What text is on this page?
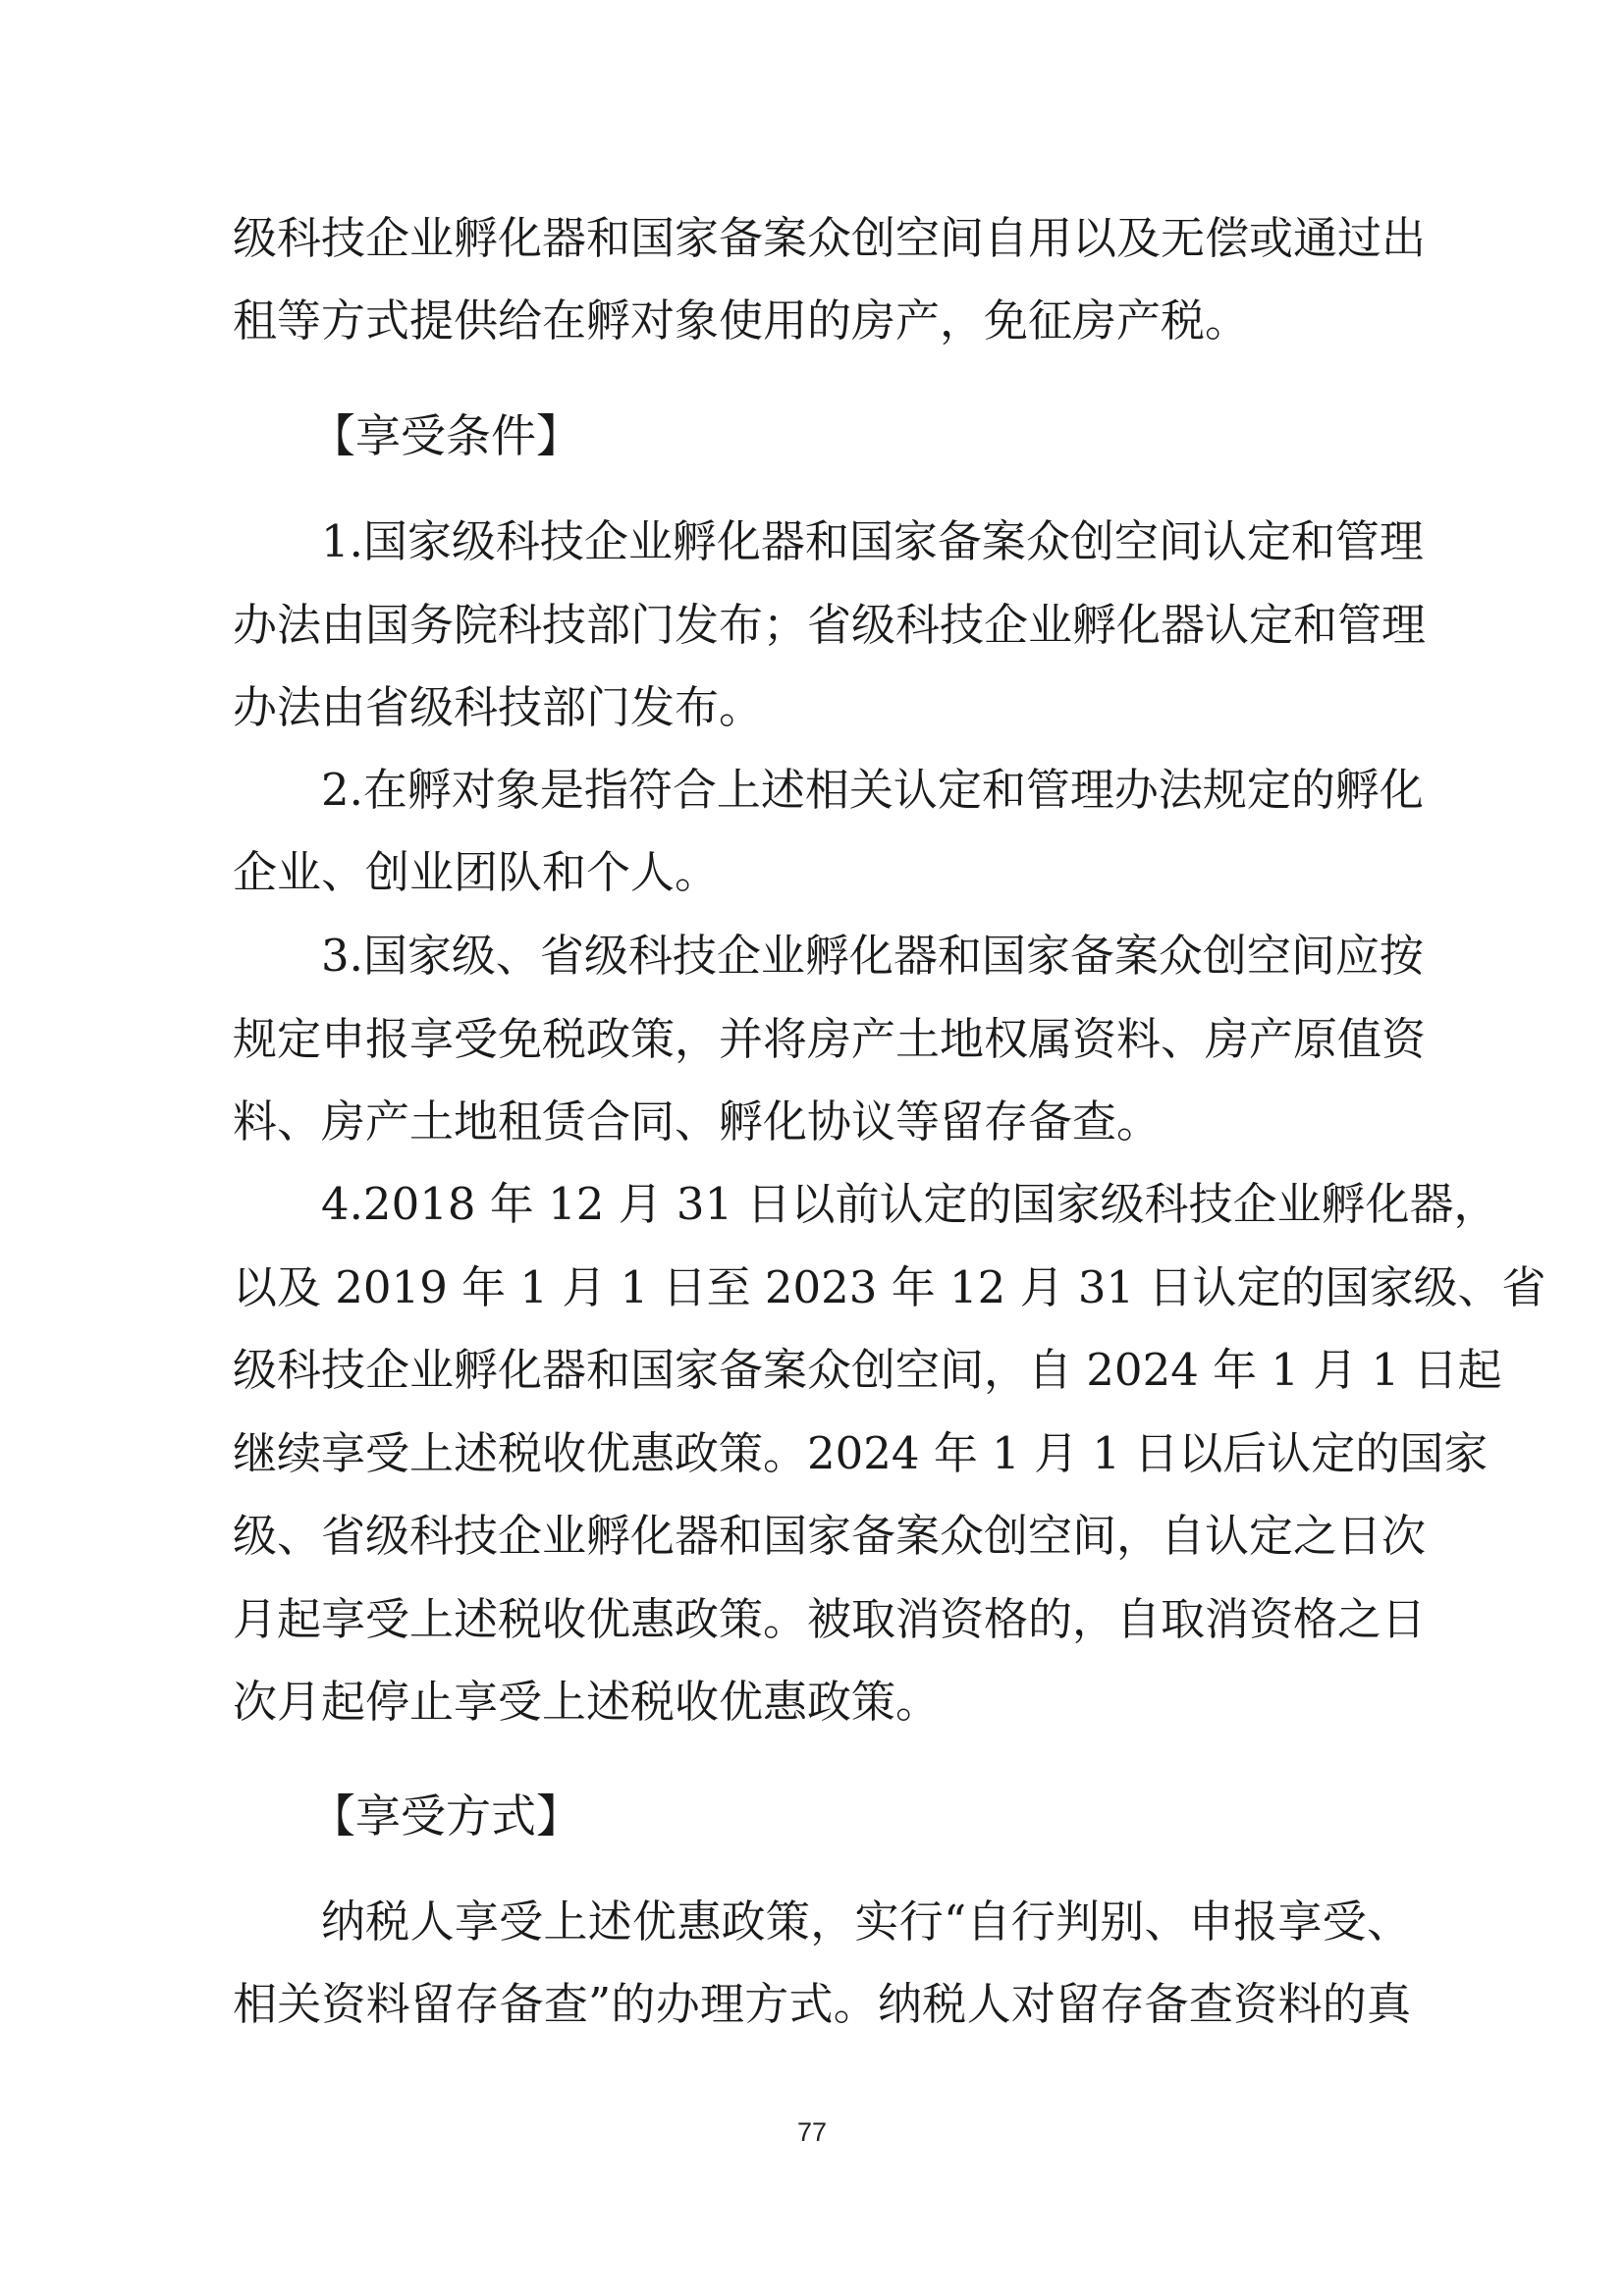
级科技企业孵化器和国家备案众创空间自用以及无偿或通过出
租等方式提供给在孵对象使用的房产，免征房产税。
【享受条件】
1.国家级科技企业孵化器和国家备案众创空间认定和管理
办法由国务院科技部门发布；省级科技企业孵化器认定和管理
办法由省级科技部门发布。
2.在孵对象是指符合上述相关认定和管理办法规定的孵化
企业、创业团队和个人。
3.国家级、省级科技企业孵化器和国家备案众创空间应按
规定申报享受免税政策，并将房产土地权属资料、房产原值资
料、房产土地租赁合同、孵化协议等留存备查。
4.2018 年 12 月 31 日以前认定的国家级科技企业孵化器，
以及 2019 年 1 月 1 日至 2023 年 12 月 31 日认定的国家级、省
级科技企业孵化器和国家备案众创空间，自 2024 年 1 月 1 日起
继续享受上述税收优惠政策。2024 年 1 月 1 日以后认定的国家
级、省级科技企业孵化器和国家备案众创空间，自认定之日次
月起享受上述税收优惠政策。被取消资格的，自取消资格之日
次月起停止享受上述税收优惠政策。
【享受方式】
纳税人享受上述优惠政策，实行“自行判别、申报享受、
相关资料留存备查”的办理方式。纳税人对留存备查资料的真
77
